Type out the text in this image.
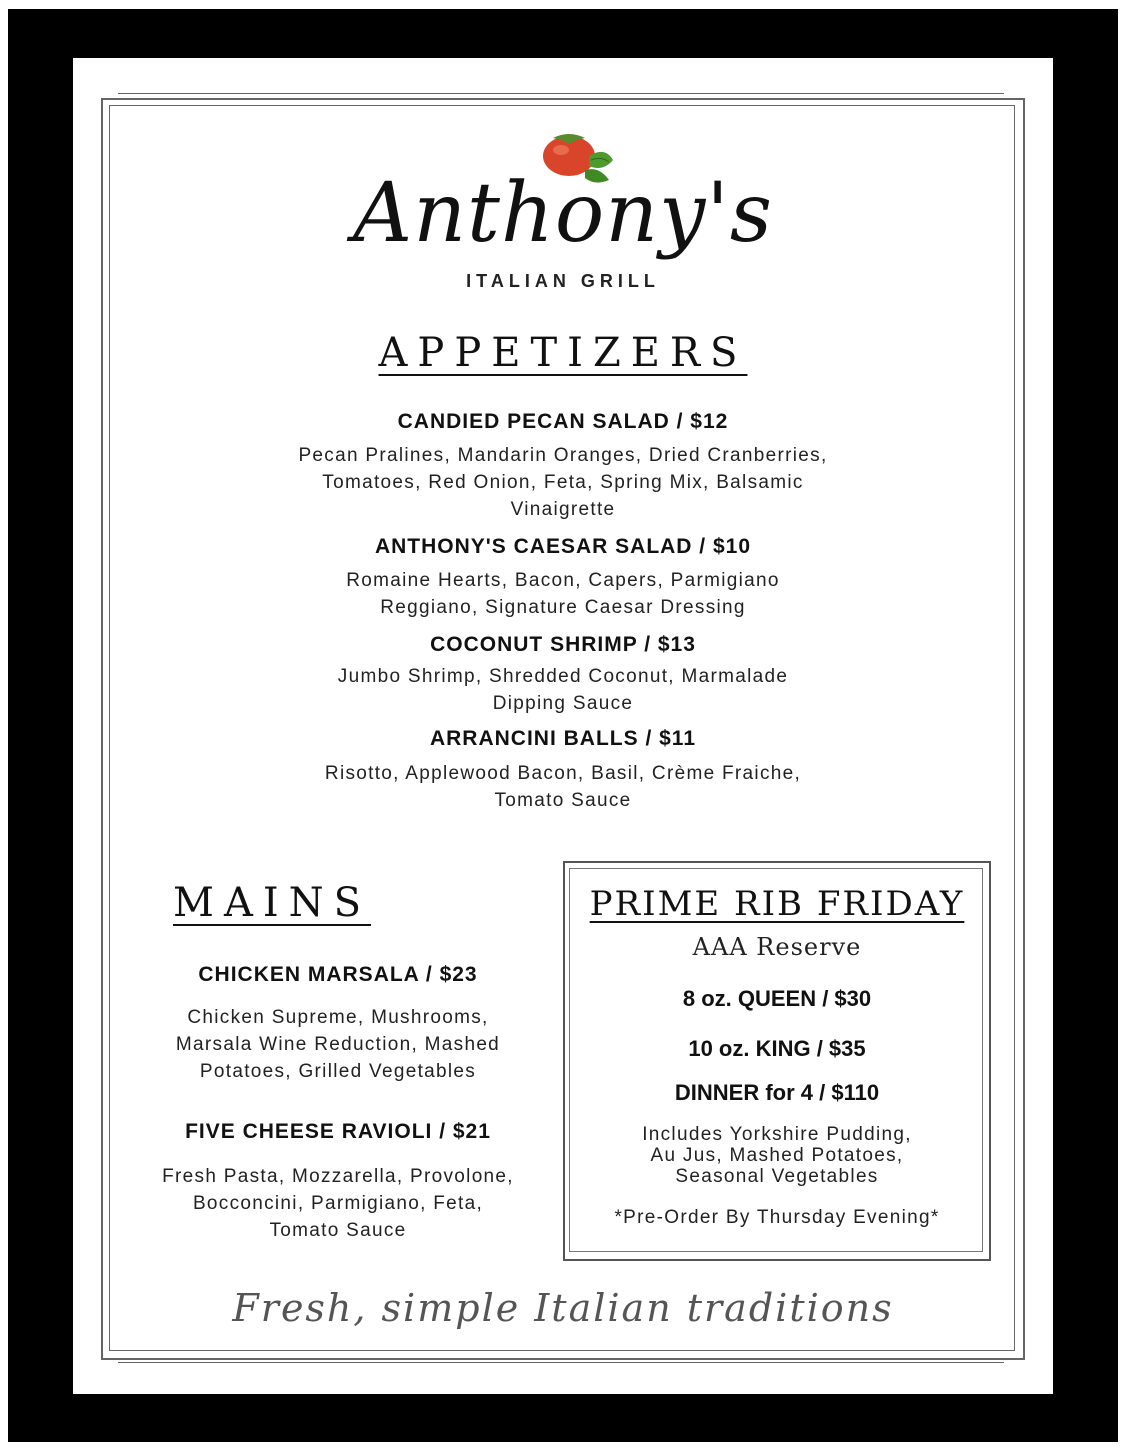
Anthony's
ITALIAN GRILL
APPETIZERS
CANDIED PECAN SALAD / $12
Pecan Pralines, Mandarin Oranges, Dried Cranberries,
Tomatoes, Red Onion, Feta, Spring Mix, Balsamic
Vinaigrette
ANTHONY'S CAESAR SALAD / $10
Romaine Hearts, Bacon, Capers, Parmigiano
Reggiano, Signature Caesar Dressing
COCONUT SHRIMP / $13
Jumbo Shrimp, Shredded Coconut, Marmalade
Dipping Sauce
ARRANCINI BALLS / $11
Risotto, Applewood Bacon, Basil, Crème Fraiche,
Tomato Sauce
MAINS
CHICKEN MARSALA / $23
Chicken Supreme, Mushrooms,
Marsala Wine Reduction, Mashed
Potatoes, Grilled Vegetables
FIVE CHEESE RAVIOLI / $21
Fresh Pasta, Mozzarella, Provolone,
Bocconcini, Parmigiano, Feta,
Tomato Sauce
PRIME RIB FRIDAY
AAA Reserve
8 oz. QUEEN / $30
10 oz. KING / $35
DINNER for 4 / $110
Includes Yorkshire Pudding,
Au Jus, Mashed Potatoes,
Seasonal Vegetables
*Pre-Order By Thursday Evening*
Fresh, simple Italian traditions
